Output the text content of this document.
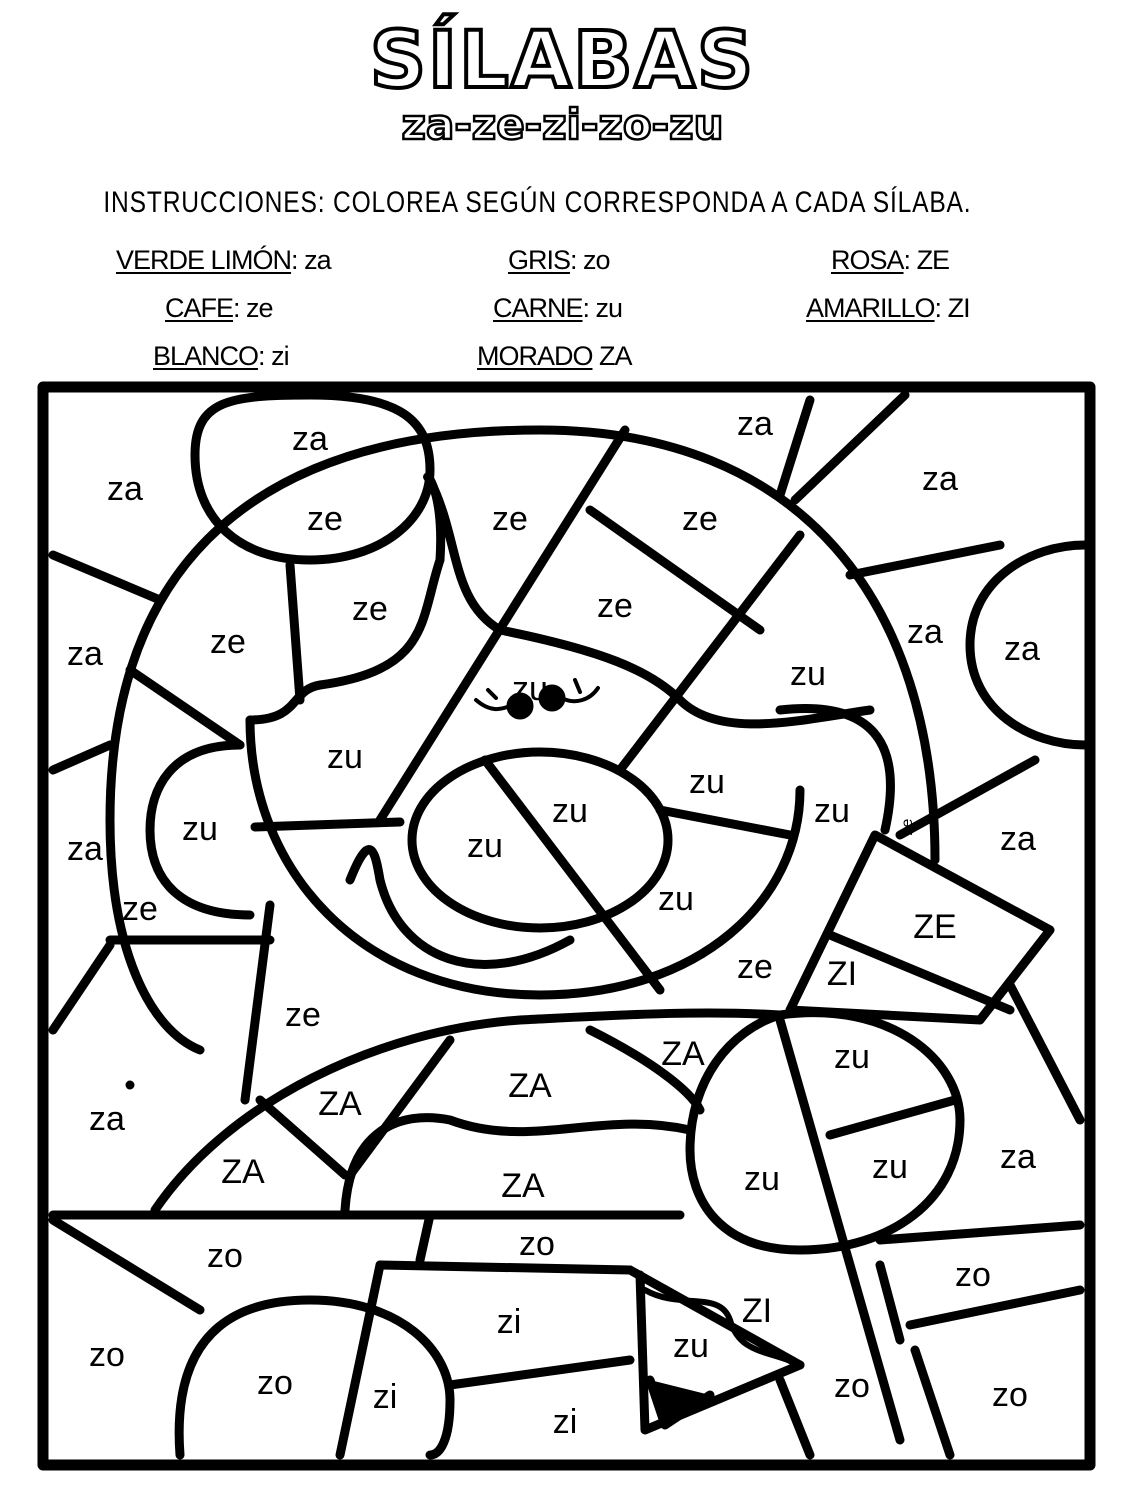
SÍLABAS
za-ze-zi-zo-zu
INSTRUCCIONES: COLOREA SEGÚN CORRESPONDA A CADA SÍLABA.
VERDE LIMÓN: za	GRIS: zo	ROSA: ZE
CAFE: ze	CARNE: zu	AMARILLO: ZI
BLANCO: zi	MORADO ZA
za	za
za	za
ze	ze	ze
ze
za
za za
ze
ze
zu	zu
zu
zu
zu	zu
zu
zu
za	za
zu
ZE
ze
ZI
ze
ze
ZA
ZA
zu
ZA
ZA
za
zu	zu	za
ZA
zo	zo
zo
ZI
zi
zu
zo
zo zi
zi
zo	zo
ze
